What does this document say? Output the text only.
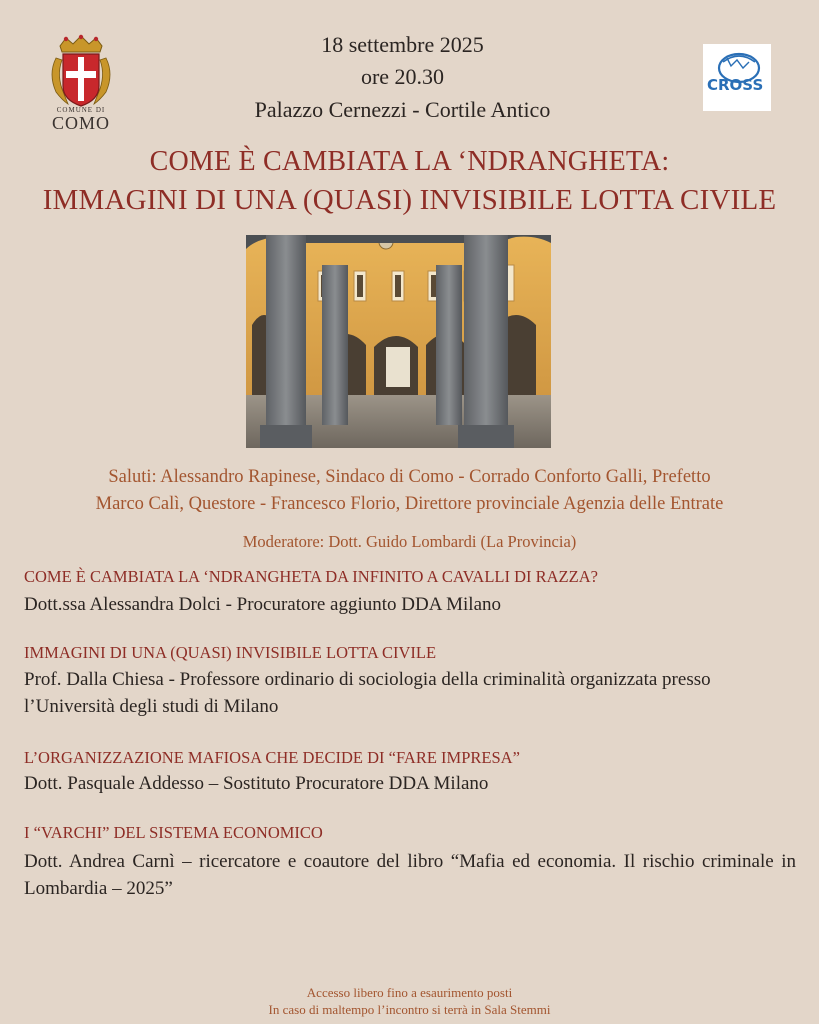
COMUNE DI
COMO
CROSS
18 settembre 2025
ore 20.30
Palazzo Cernezzi - Cortile Antico
COME È CAMBIATA LA ‘NDRANGHETA:
IMMAGINI DI UNA (QUASI) INVISIBILE LOTTA CIVILE
Saluti: Alessandro Rapinese, Sindaco di Como - Corrado Conforto Galli, Prefetto
Marco Calì, Questore - Francesco Florio, Direttore provinciale Agenzia delle Entrate
Moderatore: Dott. Guido Lombardi (La Provincia)
COME È CAMBIATA LA ‘NDRANGHETA DA INFINITO A CAVALLI DI RAZZA?
Dott.ssa Alessandra Dolci - Procuratore aggiunto DDA Milano
IMMAGINI DI UNA (QUASI) INVISIBILE LOTTA CIVILE
Prof. Dalla Chiesa - Professore ordinario di sociologia della criminalità organizzata presso l’Università degli studi di Milano
L’ORGANIZZAZIONE MAFIOSA CHE DECIDE DI “FARE IMPRESA”
Dott. Pasquale Addesso – Sostituto Procuratore DDA Milano
I “VARCHI” DEL SISTEMA ECONOMICO
Dott. Andrea Carnì – ricercatore e coautore del libro “Mafia ed economia. Il rischio criminale in Lombardia – 2025”
Accesso libero fino a esaurimento posti
In caso di maltempo l’incontro si terrà in Sala Stemmi
